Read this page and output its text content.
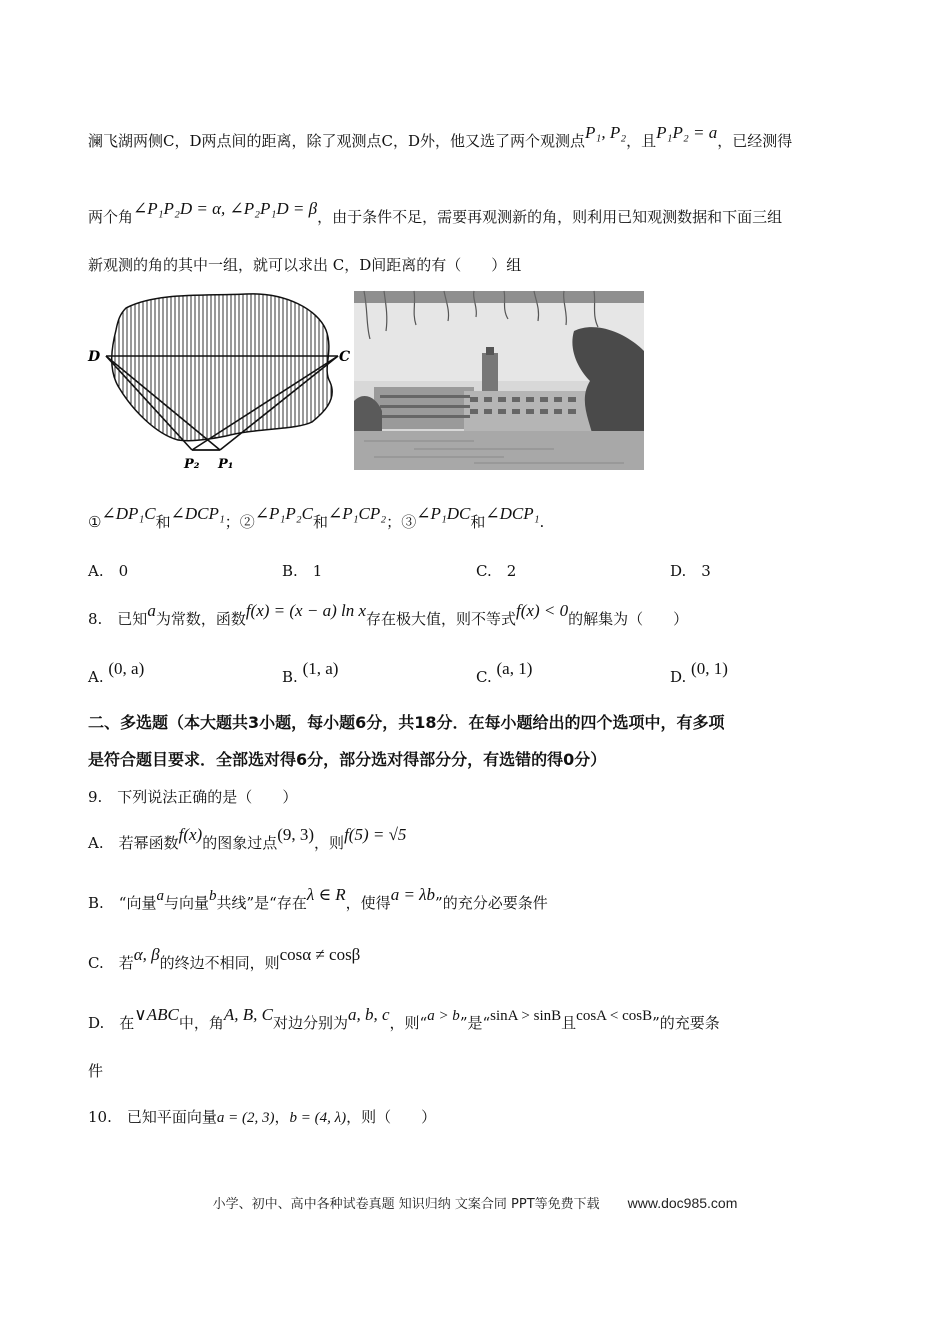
澜飞湖两侧C，D两点间的距离，除了观测点C，D外，他又选了两个观测点P₁, P₂，且P₁P₂ = a，已经测得
两个角∠P₁P₂D = α, ∠P₂P₁D = β，由于条件不足，需要再观测新的角，则利用已知观测数据和下面三组
新观测的角的其中一组，就可以求出 C，D间距离的有（　　）组
D	C
P₂ P₁
①∠DP₁C和∠DCP₁；②∠P₁P₂C和∠P₁CP₂；③∠P₁DC和∠DCP₁.
A.　0	B.　1	C.　2	D.　3
8.　已知a为常数，函数f(x) = (x − a) ln x存在极大值，则不等式f(x) < 0的解集为（　　）
A. (0, a)	B. (1, a)	C. (a, 1)	D. (0, 1)
二、多选题（本大题共3小题，每小题6分，共18分．在每小题给出的四个选项中，有多项
是符合题目要求．全部选对得6分，部分选对得部分分，有选错的得0分）
9.　下列说法正确的是（　　）
A.　若幂函数f(x)的图象过点(9, 3)，则f(5) = √5
B.　“向量a与向量b共线”是“存在λ ∈ R，使得a = λb”的充分必要条件
C.　若α, β的终边不相同，则cosα ≠ cosβ
D.　在∨ABC中，角A, B, C对边分别为a, b, c，则“a > b”是“sinA > sinB且cosA < cosB”的充要条
件
10.　已知平面向量a = (2, 3)，b = (4, λ)，则（　　）
小学、初中、高中各种试卷真题 知识归纳 文案合同 PPT等免费下载 www.doc985.com
